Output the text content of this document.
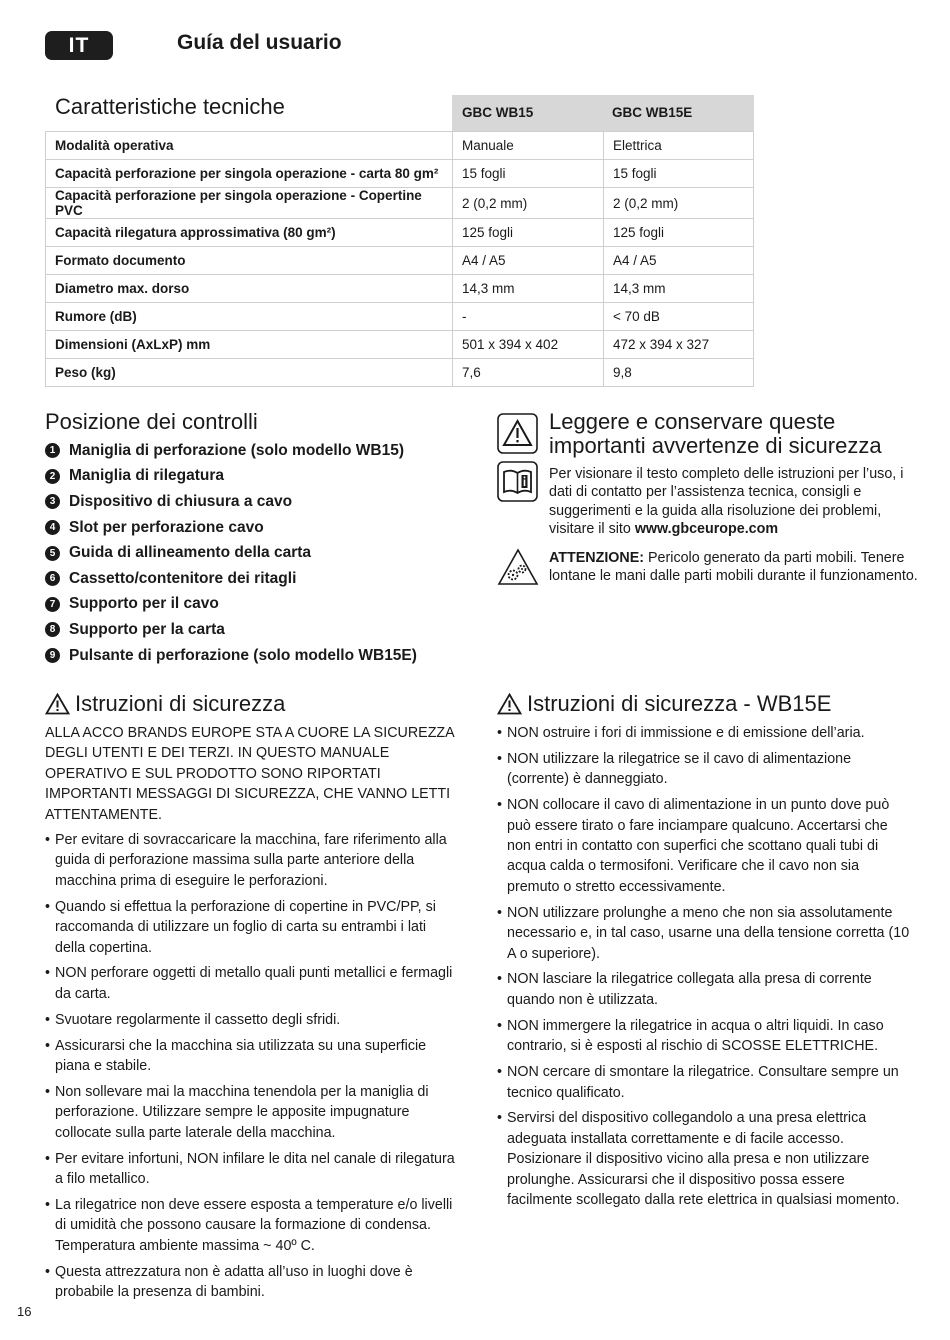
IT	Guía del usuario
Caratteristiche tecniche	GBC WB15	GBC WB15E
Modalità operativa	Manuale	Elettrica
Capacità perforazione per singola operazione - carta 80 gm²	15 fogli	15 fogli
Capacità perforazione per singola operazione - Copertine PVC	2 (0,2 mm)	2 (0,2 mm)
Capacità rilegatura approssimativa (80 gm²)	125 fogli	125 fogli
Formato documento	A4 / A5	A4 / A5
Diametro max. dorso	14,3 mm	14,3 mm
Rumore (dB)	-	< 70 dB
Dimensioni (AxLxP) mm	501 x 394 x 402	472 x 394 x 327
Peso (kg)	7,6	9,8
Posizione dei controlli
1 Maniglia di perforazione (solo modello WB15)
2 Maniglia di rilegatura
3 Dispositivo di chiusura a cavo
4 Slot per perforazione cavo
5 Guida di allineamento della carta
6 Cassetto/contenitore dei ritagli
7 Supporto per il cavo
8 Supporto per la carta
9 Pulsante di perforazione (solo modello WB15E)
Leggere e conservare queste importanti avvertenze di sicurezza
Per visionare il testo completo delle istruzioni per l’uso, i dati di contatto per l’assistenza tecnica, consigli e suggerimenti e la guida alla risoluzione dei problemi, visitare il sito www.gbceurope.com
ATTENZIONE: Pericolo generato da parti mobili. Tenere lontane le mani dalle parti mobili durante il funzionamento.
Istruzioni di sicurezza
ALLA ACCO BRANDS EUROPE STA A CUORE LA SICUREZZA DEGLI UTENTI E DEI TERZI. IN QUESTO MANUALE OPERATIVO E SUL PRODOTTO SONO RIPORTATI IMPORTANTI MESSAGGI DI SICUREZZA, CHE VANNO LETTI ATTENTAMENTE.
• Per evitare di sovraccaricare la macchina, fare riferimento alla guida di perforazione massima sulla parte anteriore della macchina prima di eseguire le perforazioni.
• Quando si effettua la perforazione di copertine in PVC/PP, si raccomanda di utilizzare un foglio di carta su entrambi i lati della copertina.
• NON perforare oggetti di metallo quali punti metallici e fermagli da carta.
• Svuotare regolarmente il cassetto degli sfridi.
• Assicurarsi che la macchina sia utilizzata su una superficie piana e stabile.
• Non sollevare mai la macchina tenendola per la maniglia di perforazione. Utilizzare sempre le apposite impugnature collocate sulla parte laterale della macchina.
• Per evitare infortuni, NON infilare le dita nel canale di rilegatura a filo metallico.
• La rilegatrice non deve essere esposta a temperature e/o livelli di umidità che possono causare la formazione di condensa. Temperatura ambiente massima ~ 40º C.
• Questa attrezzatura non è adatta all’uso in luoghi dove è probabile la presenza di bambini.
Istruzioni di sicurezza - WB15E
• NON ostruire i fori di immissione e di emissione dell’aria.
• NON utilizzare la rilegatrice se il cavo di alimentazione (corrente) è danneggiato.
• NON collocare il cavo di alimentazione in un punto dove può può essere tirato o fare inciampare qualcuno. Accertarsi che non entri in contatto con superfici che scottano quali tubi di acqua calda o termosifoni. Verificare che il cavo non sia premuto o stretto eccessivamente.
• NON utilizzare prolunghe a meno che non sia assolutamente necessario e, in tal caso, usarne una della tensione corretta (10 A o superiore).
• NON lasciare la rilegatrice collegata alla presa di corrente quando non è utilizzata.
• NON immergere la rilegatrice in acqua o altri liquidi. In caso contrario, si è esposti al rischio di SCOSSE ELETTRICHE.
• NON cercare di smontare la rilegatrice. Consultare sempre un tecnico qualificato.
• Servirsi del dispositivo collegandolo a una presa elettrica adeguata installata correttamente e di facile accesso. Posizionare il dispositivo vicino alla presa e non utilizzare prolunghe. Assicurarsi che il dispositivo possa essere facilmente scollegato dalla rete elettrica in qualsiasi momento.
16
